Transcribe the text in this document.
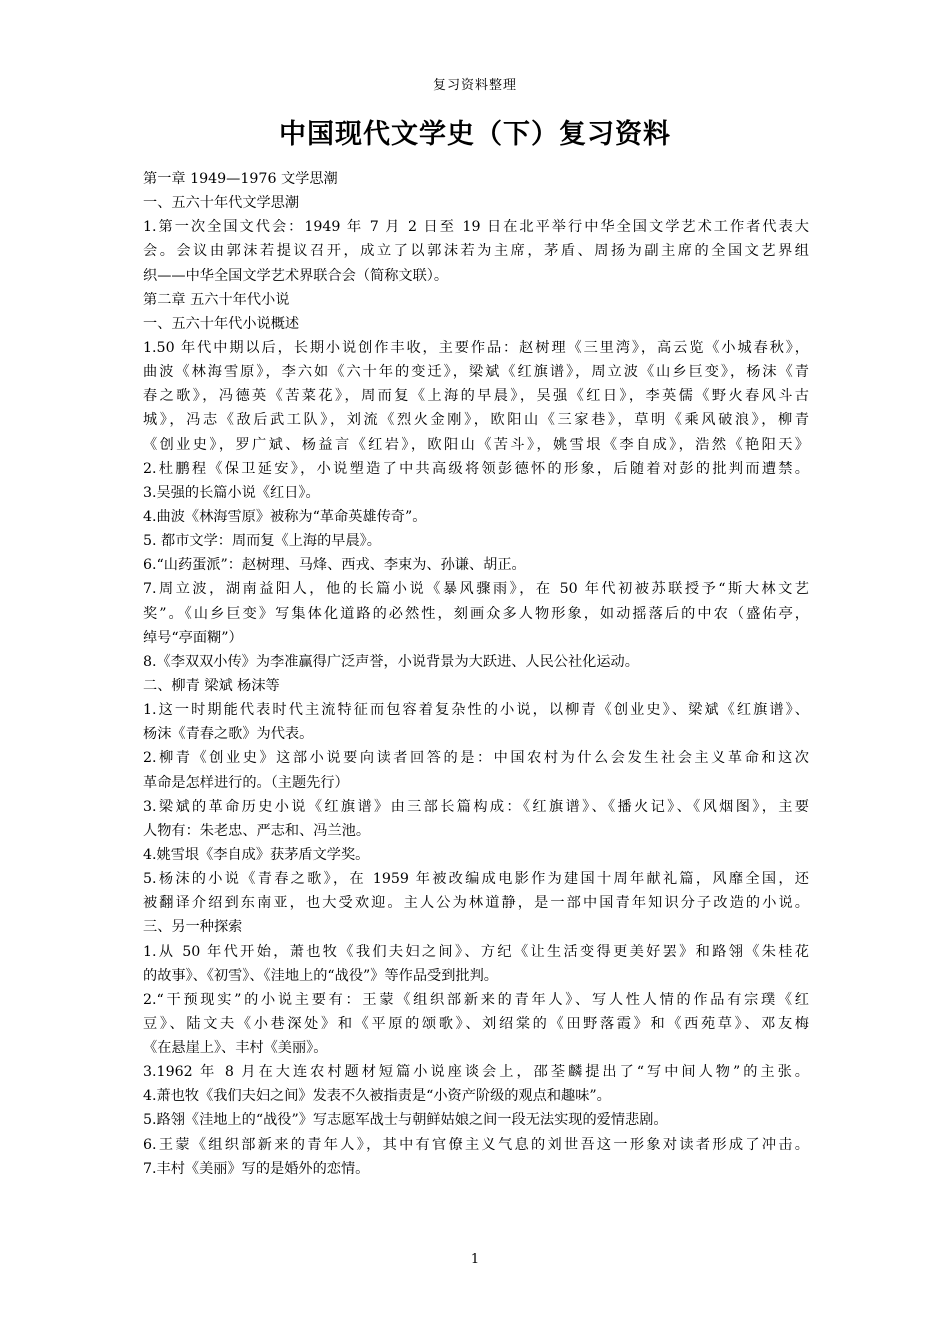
复习资料整理
中国现代文学史（下）复习资料
第一章 1949—1976 文学思潮
一、五六十年代文学思潮
1.第一次全国文代会：1949 年 7 月 2 日至 19 日在北平举行中华全国文学艺术工作者代表大
会。会议由郭沫若提议召开，成立了以郭沫若为主席，茅盾、周扬为副主席的全国文艺界组
织——中华全国文学艺术界联合会（简称文联）。
第二章 五六十年代小说
一、五六十年代小说概述
1.50 年代中期以后，长期小说创作丰收，主要作品：赵树理《三里湾》，高云览《小城春秋》，
曲波《林海雪原》，李六如《六十年的变迁》，梁斌《红旗谱》，周立波《山乡巨变》，杨沫《青
春之歌》，冯德英《苦菜花》，周而复《上海的早晨》，吴强《红日》，李英儒《野火春风斗古
城》，冯志《敌后武工队》，刘流《烈火金刚》，欧阳山《三家巷》，草明《乘风破浪》，柳青
《创业史》，罗广斌、杨益言《红岩》，欧阳山《苦斗》，姚雪垠《李自成》，浩然《艳阳天》
2.杜鹏程《保卫延安》，小说塑造了中共高级将领彭德怀的形象，后随着对彭的批判而遭禁。
3.吴强的长篇小说《红日》。
4.曲波《林海雪原》被称为“革命英雄传奇”。
5. 都市文学：周而复《上海的早晨》。
6.“山药蛋派”：赵树理、马烽、西戎、李束为、孙谦、胡正。
7.周立波，湖南益阳人，他的长篇小说《暴风骤雨》，在 50 年代初被苏联授予“斯大林文艺
奖”。《山乡巨变》写集体化道路的必然性，刻画众多人物形象，如动摇落后的中农（盛佑亭，
绰号“亭面糊”）
8.《李双双小传》为李准赢得广泛声誉，小说背景为大跃进、人民公社化运动。
二、柳青 梁斌 杨沫等
1.这一时期能代表时代主流特征而包容着复杂性的小说，以柳青《创业史》、梁斌《红旗谱》、
杨沫《青春之歌》为代表。
2.柳青《创业史》这部小说要向读者回答的是：中国农村为什么会发生社会主义革命和这次
革命是怎样进行的。（主题先行）
3.梁斌的革命历史小说《红旗谱》由三部长篇构成：《红旗谱》、《播火记》、《风烟图》，主要
人物有：朱老忠、严志和、冯兰池。
4.姚雪垠《李自成》获茅盾文学奖。
5.杨沫的小说《青春之歌》，在 1959 年被改编成电影作为建国十周年献礼篇，风靡全国，还
被翻译介绍到东南亚，也大受欢迎。主人公为林道静，是一部中国青年知识分子改造的小说。
三、另一种探索
1.从 50 年代开始，萧也牧《我们夫妇之间》、方纪《让生活变得更美好罢》和路翎《朱桂花
的故事》、《初雪》、《洼地上的“战役”》等作品受到批判。
2.“干预现实”的小说主要有：王蒙《组织部新来的青年人》、写人性人情的作品有宗璞《红
豆》、陆文夫《小巷深处》和《平原的颂歌》、刘绍棠的《田野落霞》和《西苑草》、邓友梅
《在悬崖上》、丰村《美丽》。
3.1962 年 8 月在大连农村题材短篇小说座谈会上，邵荃麟提出了“写中间人物”的主张。
4.萧也牧《我们夫妇之间》发表不久被指责是“小资产阶级的观点和趣味”。
5.路翎《洼地上的“战役”》写志愿军战士与朝鲜姑娘之间一段无法实现的爱情悲剧。
6.王蒙《组织部新来的青年人》，其中有官僚主义气息的刘世吾这一形象对读者形成了冲击。
7.丰村《美丽》写的是婚外的恋情。
1
